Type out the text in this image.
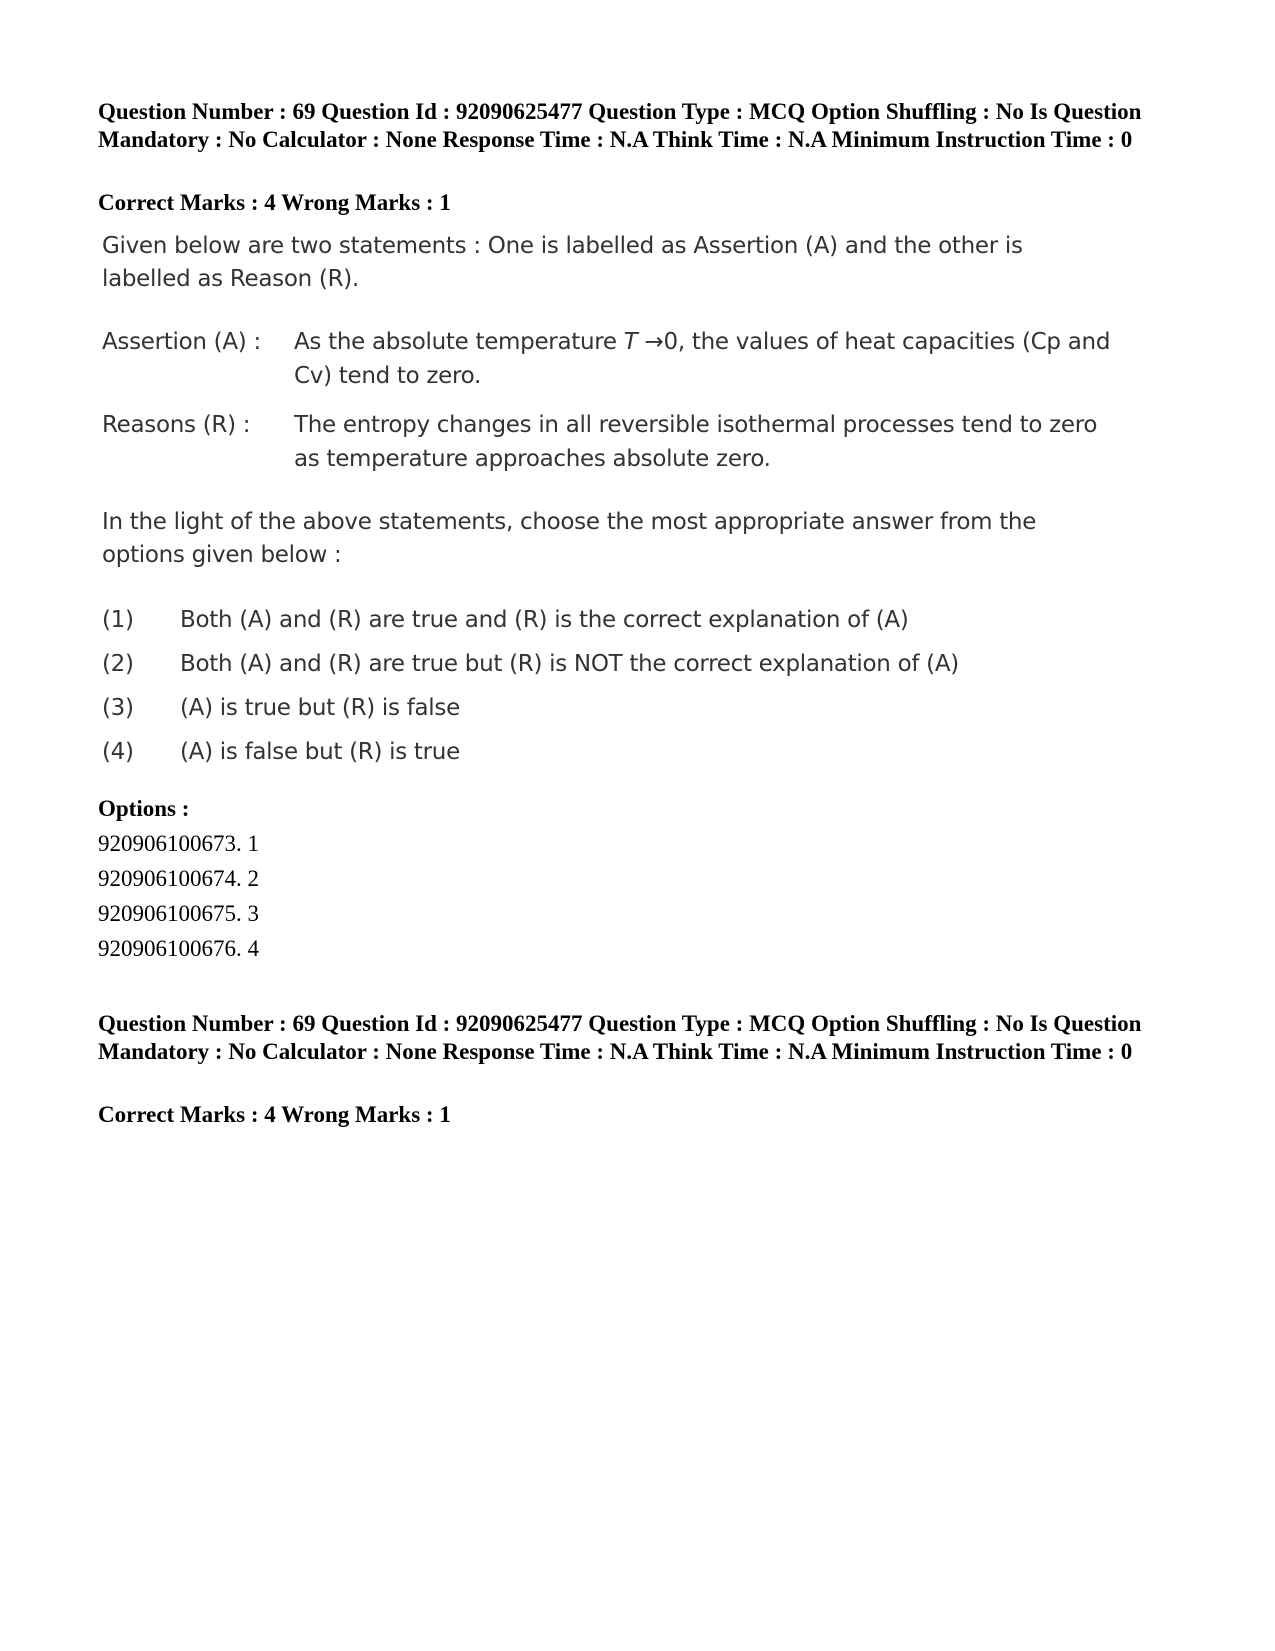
Question Number : 69 Question Id : 92090625477 Question Type : MCQ Option Shuffling : No Is Question Mandatory : No Calculator : None Response Time : N.A Think Time : N.A Minimum Instruction Time : 0
Correct Marks : 4 Wrong Marks : 1
Given below are two statements : One is labelled as Assertion (A) and the other is labelled as Reason (R).
Assertion (A) : As the absolute temperature T →0, the values of heat capacities (Cp and Cv) tend to zero.
Reasons (R) : The entropy changes in all reversible isothermal processes tend to zero as temperature approaches absolute zero.
In the light of the above statements, choose the most appropriate answer from the options given below :
(1) Both (A) and (R) are true and (R) is the correct explanation of (A)
(2) Both (A) and (R) are true but (R) is NOT the correct explanation of (A)
(3) (A) is true but (R) is false
(4) (A) is false but (R) is true
Options :
920906100673. 1
920906100674. 2
920906100675. 3
920906100676. 4
Question Number : 69 Question Id : 92090625477 Question Type : MCQ Option Shuffling : No Is Question Mandatory : No Calculator : None Response Time : N.A Think Time : N.A Minimum Instruction Time : 0
Correct Marks : 4 Wrong Marks : 1
